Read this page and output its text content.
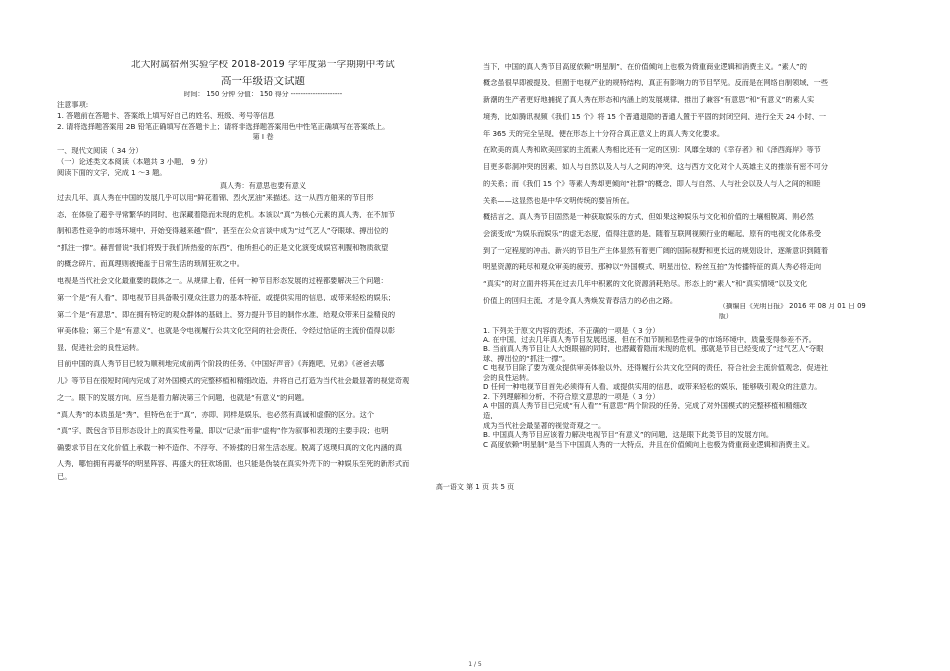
北大附属宿州实验学校 2018-2019 学年度第一学期期中考试
高一年级语文试题
时间： 150 分钟 分值： 150 得分 ---------------------
注意事项:
1. 答题前在答题卡、答案纸上填写好自己的姓名、班级、考号等信息
2. 请将选择题答案用 2B 铅笔正确填写在答题卡上；请将非选择题答案用色中性笔正确填写在答案纸上。
第 Ⅰ 卷
一、现代文阅读（ 34 分）
（一）论述类文本阅读（本题共 3 小题， 9 分）
阅读下面的文字，完成 1 ～3 题。
真人秀：有意思也要有意义
过去几年，真人秀在中国的发展几乎可以用“鲜花着锦、烈火烹油”来描述。这一从西方舶来的节目形
态，在体验了超乎寻常繁华的同时，也深藏着隐而未现的危机。本该以“真”为核心元素的真人秀，在不加节
制和恶性竞争的市场环境中，开始变得越来越“假”，甚至在公众言谈中成为“过气艺人”夺眼球、搏出位的
“抓注一撑”。赫晋督说“我们将毁于我们所热爱的东西”，他所担心的正是文化演变成娱官利腹和物质欲望
的概念碎片，而真理则被掩盖于日常生活的琐屑狂欢之中。
电视是当代社会文化最重要的载体之一。从规律上看，任何一种节目形态发展的过程都要解决三个问题：
第一个是“有人看”，即电视节目具备吸引观众注意力的基本特征，或提供实用的信息，或带来轻松的娱乐；
第二个是“有意思”，即在拥有特定的观众群体的基础上，努力提升节目的制作水准，给观众带来日益精良的
审美体验；第三个是“有意义”，也就是令电视履行公共文化空间的社会责任，令经过恰证的主流价值得以彰
显，促进社会的良性运转。
目前中国的真人秀节目已较为顺利地完成前两个阶段的任务，《中国好声音》《奔跑吧，兄弟》《爸爸去哪
儿》等节目在很短时间内完成了对外国模式的完整移植和精细改造，并将自己打造为当代社会最显著的视觉奇观
之一。眼下的发展方向，应当是着力解决第三个问题，也就是“有意义”的问题。
“真人秀”的本质虽是“秀”，但特色在于“真”，亦即，同样是娱乐，也必然有真诚和虚假的区分。这个
“真”字，既包含节目形态设计上的真实性考量，即以“记录”而非“虚构”作为叙事和表现的主要手段；也明
确要求节目在文化价值上承载一种不造作、不浮夸、不矫揉的日常生活态度。脱离了返璞归真的文化内涵的真
人秀，哪怕拥有再豪华的明星阵容、再盛大的狂欢场面，也只能是伪装在真实外壳下的一种娱乐至死的新形式而
已。
当下，中国的真人秀节目高度依赖“明星制”，在价值倾向上也极为倚重商业逻辑和消费主义。“素人”的
概念虽很早即被提及，但囿于电视产业的规特结构，真正有影响力的节目罕见。反而是在网络自制领域，一些
新潮的生产者更好地捕捉了真人秀在形态和内涵上的发展规律，推出了兼容“有意思”和“有意义”的素人实
境秀，比如腾讯视频《我们 15 个》将 15 个普通退隐的普通人置于平固的封闭空间，进行全天 24 小时、一
年 365 天的完全呈现，便在形态上十分符合真正意义上的真人秀文化要求。
在欧美的真人秀和欧美回家的主流素人秀相比还有一定的区别：风靡全球的《幸存者》和《泽西海岸》等节
目更多彰洞冲突的因素，如人与自然以及人与人之间的冲突，这与西方文化对个人英雄主义的推崇有密不可分
的关系；而《我们 15 个》等素人秀却更倾向“社群”的概念，即人与自然、人与社会以及人与人之间的和睦
关系——这显然也是中华文明传统的要旨所在。
概括言之，真人秀节目固然是一种获取娱乐的方式，但如果这种娱乐与文化和价值的土壤相脱离，则必然
会演变成“为娱乐而娱乐”的虚无态度，值得注意的是，随着互联网视频行业的崛起，原有的电视文化体系受
到了一定程度的冲击，新兴的节目生产主体显然有着更广阔的国际视野和更长远的规划设计，逐渐意识到随着
明星资源的耗尽和观众审美的疲劳，那种以“外国模式、明星出位、粉丝互拍”为传播特征的真人秀必将走向
“真实”的对立面并将其在过去几年中积累的文化资源消耗殆尽。形态上的“素人”和“真实情境”以及文化
价值上的回归主流，才是令真人秀焕发青春活力的必由之路。
（摘编自《光明日报》 2016 年 08 月 01 日 09
版）
1. 下列关于原文内容的表述，不正确的一项是（ 3 分）
A. 在中国，过去几年真人秀节目发展迅速，但在不加节制和恶性竞争的市场环境中，质量变得参差不齐。
B. 当前真人秀节目让人大饱眼福的同时，也潜藏着隐而未现的危机，那就是节目已经变成了“过气艺人”夺眼
球、搏出位的“抓注一撑”。
C 电视节目除了要为观众提供审美体验以外，还得履行公共文化空间的责任，符合社会主流价值观念，促进社
会的良性运转。
D 任何一种电视节目首先必须得有人看，或提供实用的信息，或带来轻松的娱乐，能够吸引观众的注意力。
2. 下列理解和分析，不符合原文意思的一项是（ 3 分）
A 中国的真人秀节目已完成“有人看”“有意思”两个阶段的任务，完成了对外国模式的完整移植和精细改
造，
成为当代社会最显著的视觉奇观之一。
B. 中国真人秀节目应该着力解决电视节目“有意义”的问题，这是眼下此类节目的发展方向。
C 高度依赖“明星制”是当下中国真人秀的一大特点，并且在价值倾向上也极为倚重商业逻辑和消费主义。
高一语文 第 1 页 共 5 页
1 / 5
